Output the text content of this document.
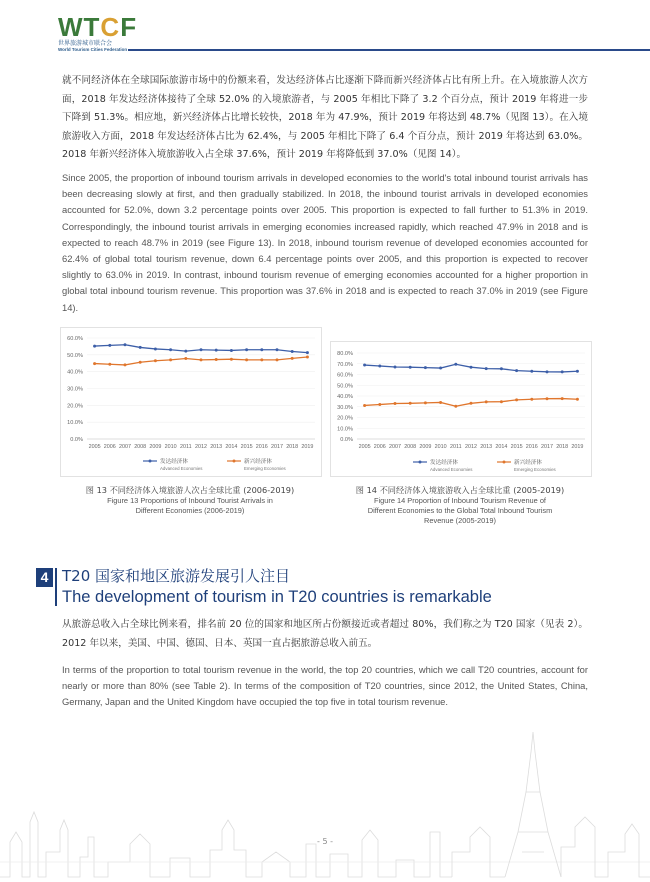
WTCF
世界旅游城市联合会
World Tourism Cities Federation

就不同经济体在全球国际旅游市场中的份额来看，发达经济体占比逐渐下降而新兴经济体占比有所上升。在入境旅游人次方面，2018 年发达经济体接待了全球 52.0% 的入境旅游者，与 2005 年相比下降了 3.2 个百分点，预计 2019 年将进一步下降到 51.3%。相应地，新兴经济体占比增长较快，2018 年为 47.9%，预计 2019 年将达到 48.7%（见图 13）。在入境旅游收入方面，2018 年发达经济体占比为 62.4%，与 2005 年相比下降了 6.4 个百分点，预计 2019 年将达到 63.0%。2018 年新兴经济体入境旅游收入占全球 37.6%，预计 2019 年将降低到 37.0%（见图 14）。

Since 2005, the proportion of inbound tourism arrivals in developed economies to the world's total inbound tourist arrivals has been decreasing slowly at first, and then gradually stabilized. In 2018, the inbound tourist arrivals in developed economies accounted for 52.0%, down 3.2 percentage points over 2005. This proportion is expected to fall further to 51.3% in 2019. Correspondingly, the inbound tourist arrivals in emerging economies increased rapidly, which reached 47.9% in 2018 and is expected to reach 48.7% in 2019 (see Figure 13). In 2018, inbound tourism revenue of developed economies accounted for 62.4% of global total tourism revenue, down 6.4 percentage points over 2005, and this proportion is expected to recover slightly to 63.0% in 2019. In contrast, inbound tourism revenue of emerging economies accounted for a higher proportion in global total inbound tourism revenue. This proportion was 37.6% in 2018 and is expected to reach 37.0% in 2019 (see Figure 14).

0.0%
10.0%
20.0%
30.0%
40.0%
50.0%
60.0%
2005 2006 2007 2008 2009 2010 2011 2012 2013 2014 2015 2016 2017 2018 2019
发达经济体
Advanced Economies
新兴经济体
Emerging Economies
图 13 不同经济体入境旅游人次占全球比重 (2006-2019)
Figure 13 Proportions of Inbound Tourist Arrivals in
Different Economies (2006-2019)
0.0%
10.0%
20.0%
30.0%
40.0%
50.0%
60.0%
70.0%
80.0%
2005 2006 2007 2008 2009 2010 2011 2012 2013 2014 2015 2016 2017 2018 2019
发达经济体
Advanced Economies
新兴经济体
Emerging Economies
图 14 不同经济体入境旅游收入占全球比重 (2005-2019)
Figure 14 Proportion of Inbound Tourism Revenue of
Different Economies to the Global Total Inbound Tourism
Revenue (2005-2019)
4 T20 国家和地区旅游发展引人注目
The development of tourism in T20 countries is remarkable

从旅游总收入占全球比例来看，排名前 20 位的国家和地区所占份额接近或者超过 80%，我们称之为 T20 国家（见表 2）。2012 年以来，美国、中国、德国、日本、英国一直占据旅游总收入前五。

In terms of the proportion to total tourism revenue in the world, the top 20 countries, which we call T20 countries, account for nearly or more than 80% (see Table 2). In terms of the composition of T20 countries, since 2012, the United States, China, Germany, Japan and the United Kingdom have occupied the top five in total tourism revenue.

- 5 -
